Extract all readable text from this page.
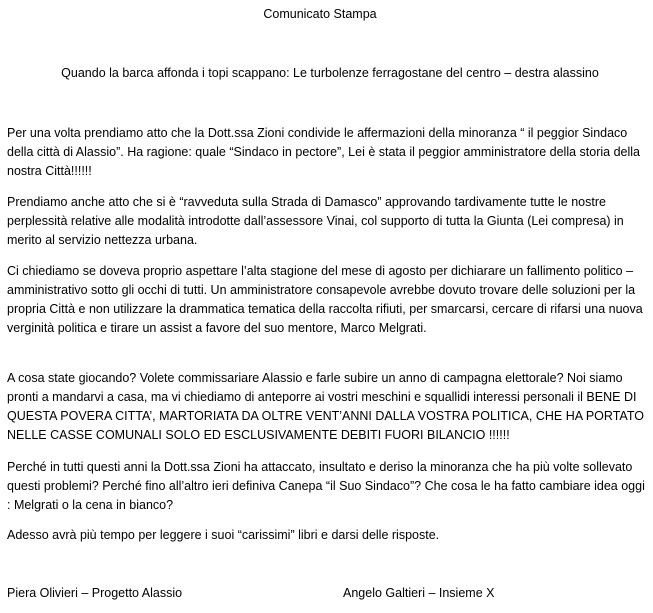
Comunicato Stampa
Quando la barca affonda i topi scappano: Le turbolenze ferragostane del centro – destra alassino

Per una volta prendiamo atto che la Dott.ssa Zioni condivide le affermazioni della minoranza “ il peggior Sindaco della città di Alassio”. Ha ragione: quale “Sindaco in pectore”, Lei è stata il peggior amministratore della storia della nostra Città!!!!!!

Prendiamo anche atto che si è “ravveduta sulla Strada di Damasco” approvando tardivamente tutte le nostre perplessità relative alle modalità introdotte dall’assessore Vinai, col supporto di tutta la Giunta (Lei compresa) in merito al servizio nettezza urbana.

Ci chiediamo se doveva proprio aspettare l’alta stagione del mese di agosto per dichiarare un fallimento politico – amministrativo sotto gli occhi di tutti. Un amministratore consapevole avrebbe dovuto trovare delle soluzioni per la propria Città e non utilizzare la drammatica tematica della raccolta rifiuti, per smarcarsi, cercare di rifarsi una nuova verginità politica e tirare un assist a favore del suo mentore, Marco Melgrati.

A cosa state giocando? Volete commissariare Alassio e farle subire un anno di campagna elettorale? Noi siamo pronti a mandarvi a casa, ma vi chiediamo di anteporre ai vostri meschini e squallidi interessi personali il BENE DI QUESTA POVERA CITTA’, MARTORIATA DA OLTRE VENT’ANNI DALLA VOSTRA POLITICA, CHE HA PORTATO NELLE CASSE COMUNALI SOLO ED ESCLUSIVAMENTE DEBITI FUORI BILANCIO !!!!!!

Perché in tutti questi anni la Dott.ssa Zioni ha attaccato, insultato e deriso la minoranza che ha più volte sollevato questi problemi? Perché fino all’altro ieri definiva Canepa “il Suo Sindaco”? Che cosa le ha fatto cambiare idea oggi : Melgrati o la cena in bianco?

Adesso avrà più tempo per leggere i suoi “carissimi” libri e darsi delle risposte.

Piera Olivieri – Progetto Alassio	Angelo Galtieri – Insieme X
